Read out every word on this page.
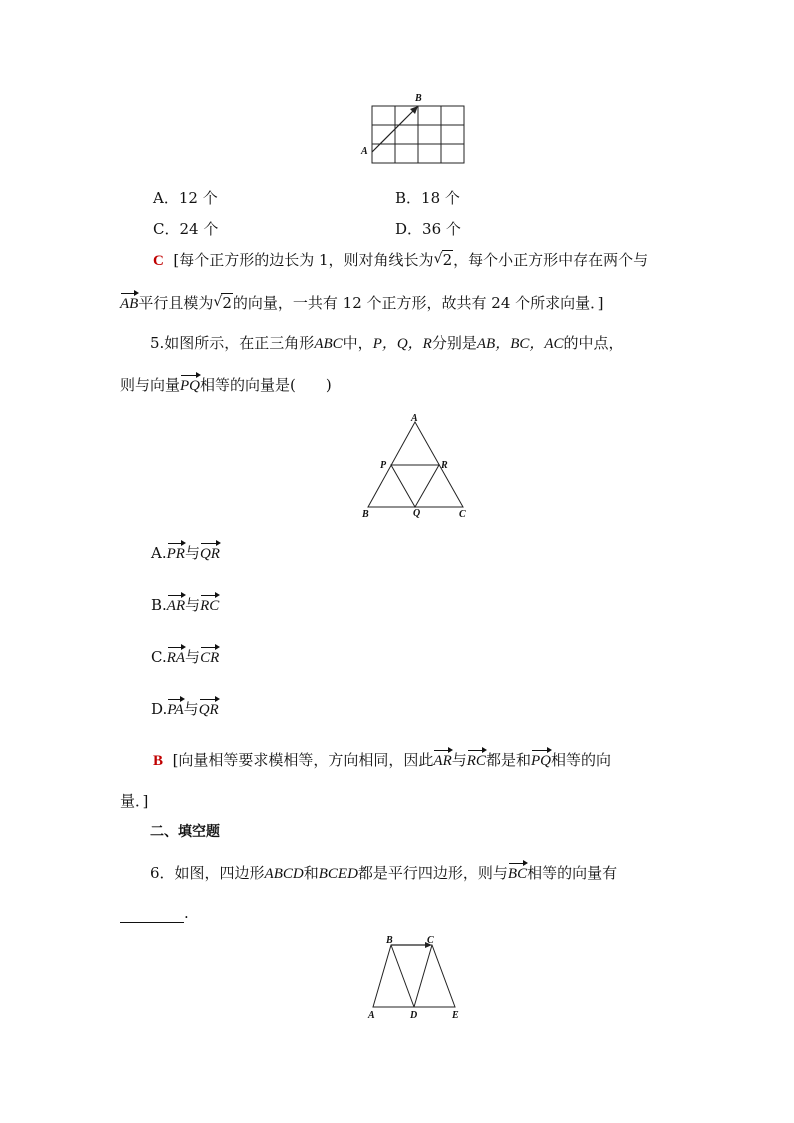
A
B
A．12 个	B．18 个
C．24 个	D．36 个
C [每个正方形的边长为 1，则对角线长为 √ 2，每个小正方形中存在两个与
AB平行且模为 √ 2的向量，一共有 12 个正方形，故共有 24 个所求向量．]
5.如图所示，在正三角形ABC中，P，Q，R分别是AB，BC，AC的中点，
则与向量PQ相等的向量是(　　)
A
P	R
B	Q	C
A.PR与QR
B.AR与RC
C.RA与CR
D.PA与QR
B [向量相等要求模相等，方向相同，因此AR与RC都是和PQ相等的向
量．]
二、填空题
6．如图，四边形ABCD和BCED都是平行四边形，则与BC相等的向量有
.
B	C
A	D	E
